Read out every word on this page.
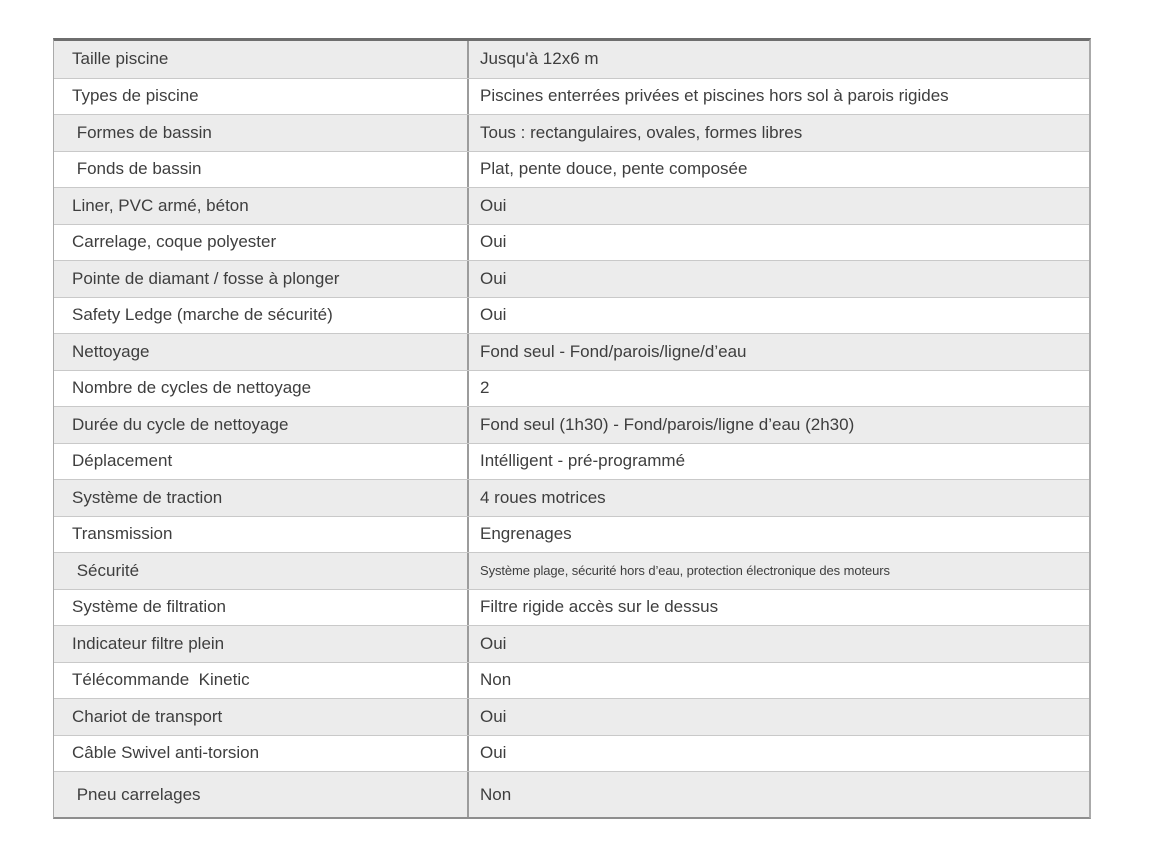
Taille piscine	Jusqu'à 12x6 m
Types de piscine	Piscines enterrées privées et piscines hors sol à parois rigides
Formes de bassin	Tous : rectangulaires, ovales, formes libres
Fonds de bassin	Plat, pente douce, pente composée
Liner, PVC armé, béton	Oui
Carrelage, coque polyester	Oui
Pointe de diamant / fosse à plonger	Oui
Safety Ledge (marche de sécurité)	Oui
Nettoyage	Fond seul - Fond/parois/ligne/d’eau
Nombre de cycles de nettoyage	2
Durée du cycle de nettoyage	Fond seul (1h30) - Fond/parois/ligne d’eau (2h30)
Déplacement	Intélligent - pré-programmé
Système de traction	4 roues motrices
Transmission	Engrenages
Sécurité	Système plage, sécurité hors d’eau, protection électronique des moteurs
Système de filtration	Filtre rigide accès sur le dessus
Indicateur filtre plein	Oui
Télécommande  Kinetic	Non
Chariot de transport	Oui
Câble Swivel anti-torsion	Oui
Pneu carrelages	Non
